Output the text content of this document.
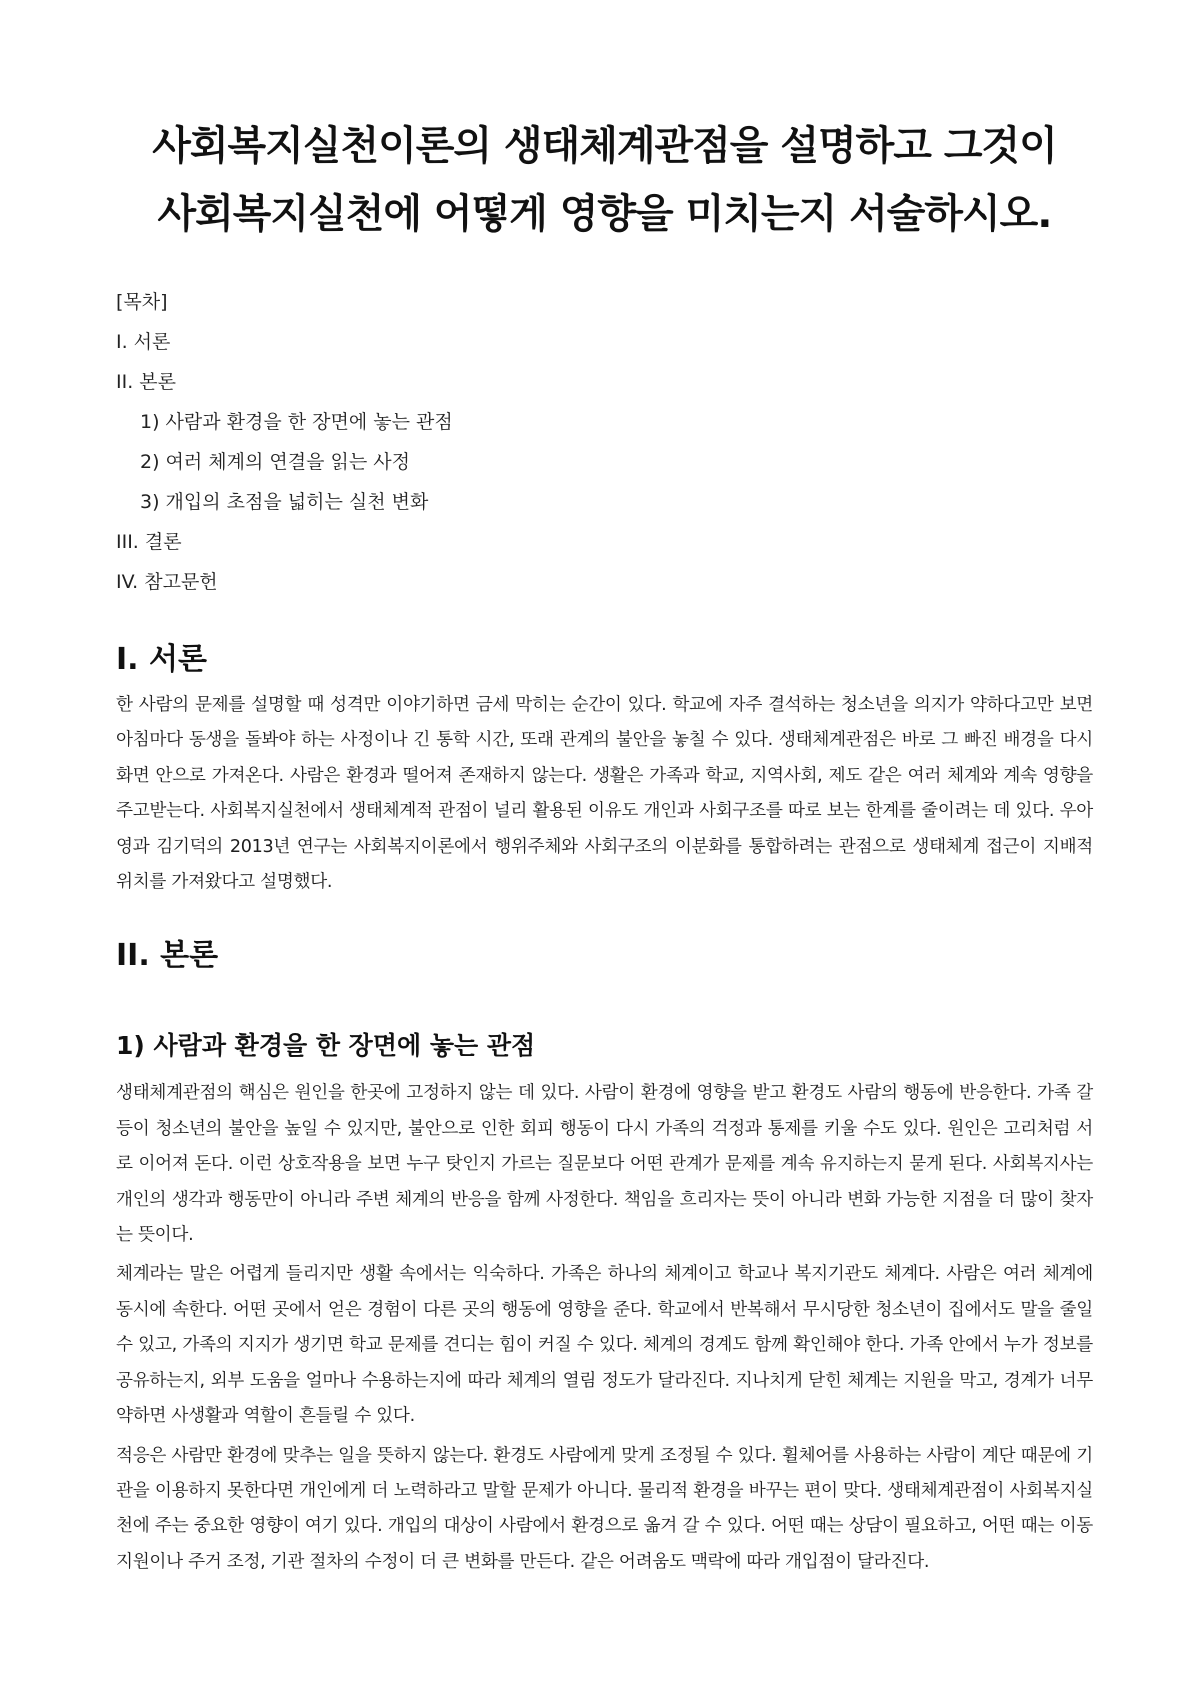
사회복지실천이론의 생태체계관점을 설명하고 그것이 사회복지실천에 어떻게 영향을 미치는지 서술하시오.
[목차]
I. 서론
II. 본론
1) 사람과 환경을 한 장면에 놓는 관점
2) 여러 체계의 연결을 읽는 사정
3) 개입의 초점을 넓히는 실천 변화
III. 결론
IV. 참고문헌
I. 서론

한 사람의 문제를 설명할 때 성격만 이야기하면 금세 막히는 순간이 있다. 학교에 자주 결석하는 청소년을 의지가 약하다고만 보면 아침마다 동생을 돌봐야 하는 사정이나 긴 통학 시간, 또래 관계의 불안을 놓칠 수 있다. 생태체계관점은 바로 그 빠진 배경을 다시 화면 안으로 가져온다. 사람은 환경과 떨어져 존재하지 않는다. 생활은 가족과 학교, 지역사회, 제도 같은 여러 체계와 계속 영향을 주고받는다. 사회복지실천에서 생태체계적 관점이 널리 활용된 이유도 개인과 사회구조를 따로 보는 한계를 줄이려는 데 있다. 우아영과 김기덕의 2013년 연구는 사회복지이론에서 행위주체와 사회구조의 이분화를 통합하려는 관점으로 생태체계 접근이 지배적 위치를 가져왔다고 설명했다.

II. 본론
1) 사람과 환경을 한 장면에 놓는 관점

생태체계관점의 핵심은 원인을 한곳에 고정하지 않는 데 있다. 사람이 환경에 영향을 받고 환경도 사람의 행동에 반응한다. 가족 갈등이 청소년의 불안을 높일 수 있지만, 불안으로 인한 회피 행동이 다시 가족의 걱정과 통제를 키울 수도 있다. 원인은 고리처럼 서로 이어져 돈다. 이런 상호작용을 보면 누구 탓인지 가르는 질문보다 어떤 관계가 문제를 계속 유지하는지 묻게 된다. 사회복지사는 개인의 생각과 행동만이 아니라 주변 체계의 반응을 함께 사정한다. 책임을 흐리자는 뜻이 아니라 변화 가능한 지점을 더 많이 찾자는 뜻이다.

체계라는 말은 어렵게 들리지만 생활 속에서는 익숙하다. 가족은 하나의 체계이고 학교나 복지기관도 체계다. 사람은 여러 체계에 동시에 속한다. 어떤 곳에서 얻은 경험이 다른 곳의 행동에 영향을 준다. 학교에서 반복해서 무시당한 청소년이 집에서도 말을 줄일 수 있고, 가족의 지지가 생기면 학교 문제를 견디는 힘이 커질 수 있다. 체계의 경계도 함께 확인해야 한다. 가족 안에서 누가 정보를 공유하는지, 외부 도움을 얼마나 수용하는지에 따라 체계의 열림 정도가 달라진다. 지나치게 닫힌 체계는 지원을 막고, 경계가 너무 약하면 사생활과 역할이 흔들릴 수 있다.

적응은 사람만 환경에 맞추는 일을 뜻하지 않는다. 환경도 사람에게 맞게 조정될 수 있다. 휠체어를 사용하는 사람이 계단 때문에 기관을 이용하지 못한다면 개인에게 더 노력하라고 말할 문제가 아니다. 물리적 환경을 바꾸는 편이 맞다. 생태체계관점이 사회복지실천에 주는 중요한 영향이 여기 있다. 개입의 대상이 사람에서 환경으로 옮겨 갈 수 있다. 어떤 때는 상담이 필요하고, 어떤 때는 이동지원이나 주거 조정, 기관 절차의 수정이 더 큰 변화를 만든다. 같은 어려움도 맥락에 따라 개입점이 달라진다.
